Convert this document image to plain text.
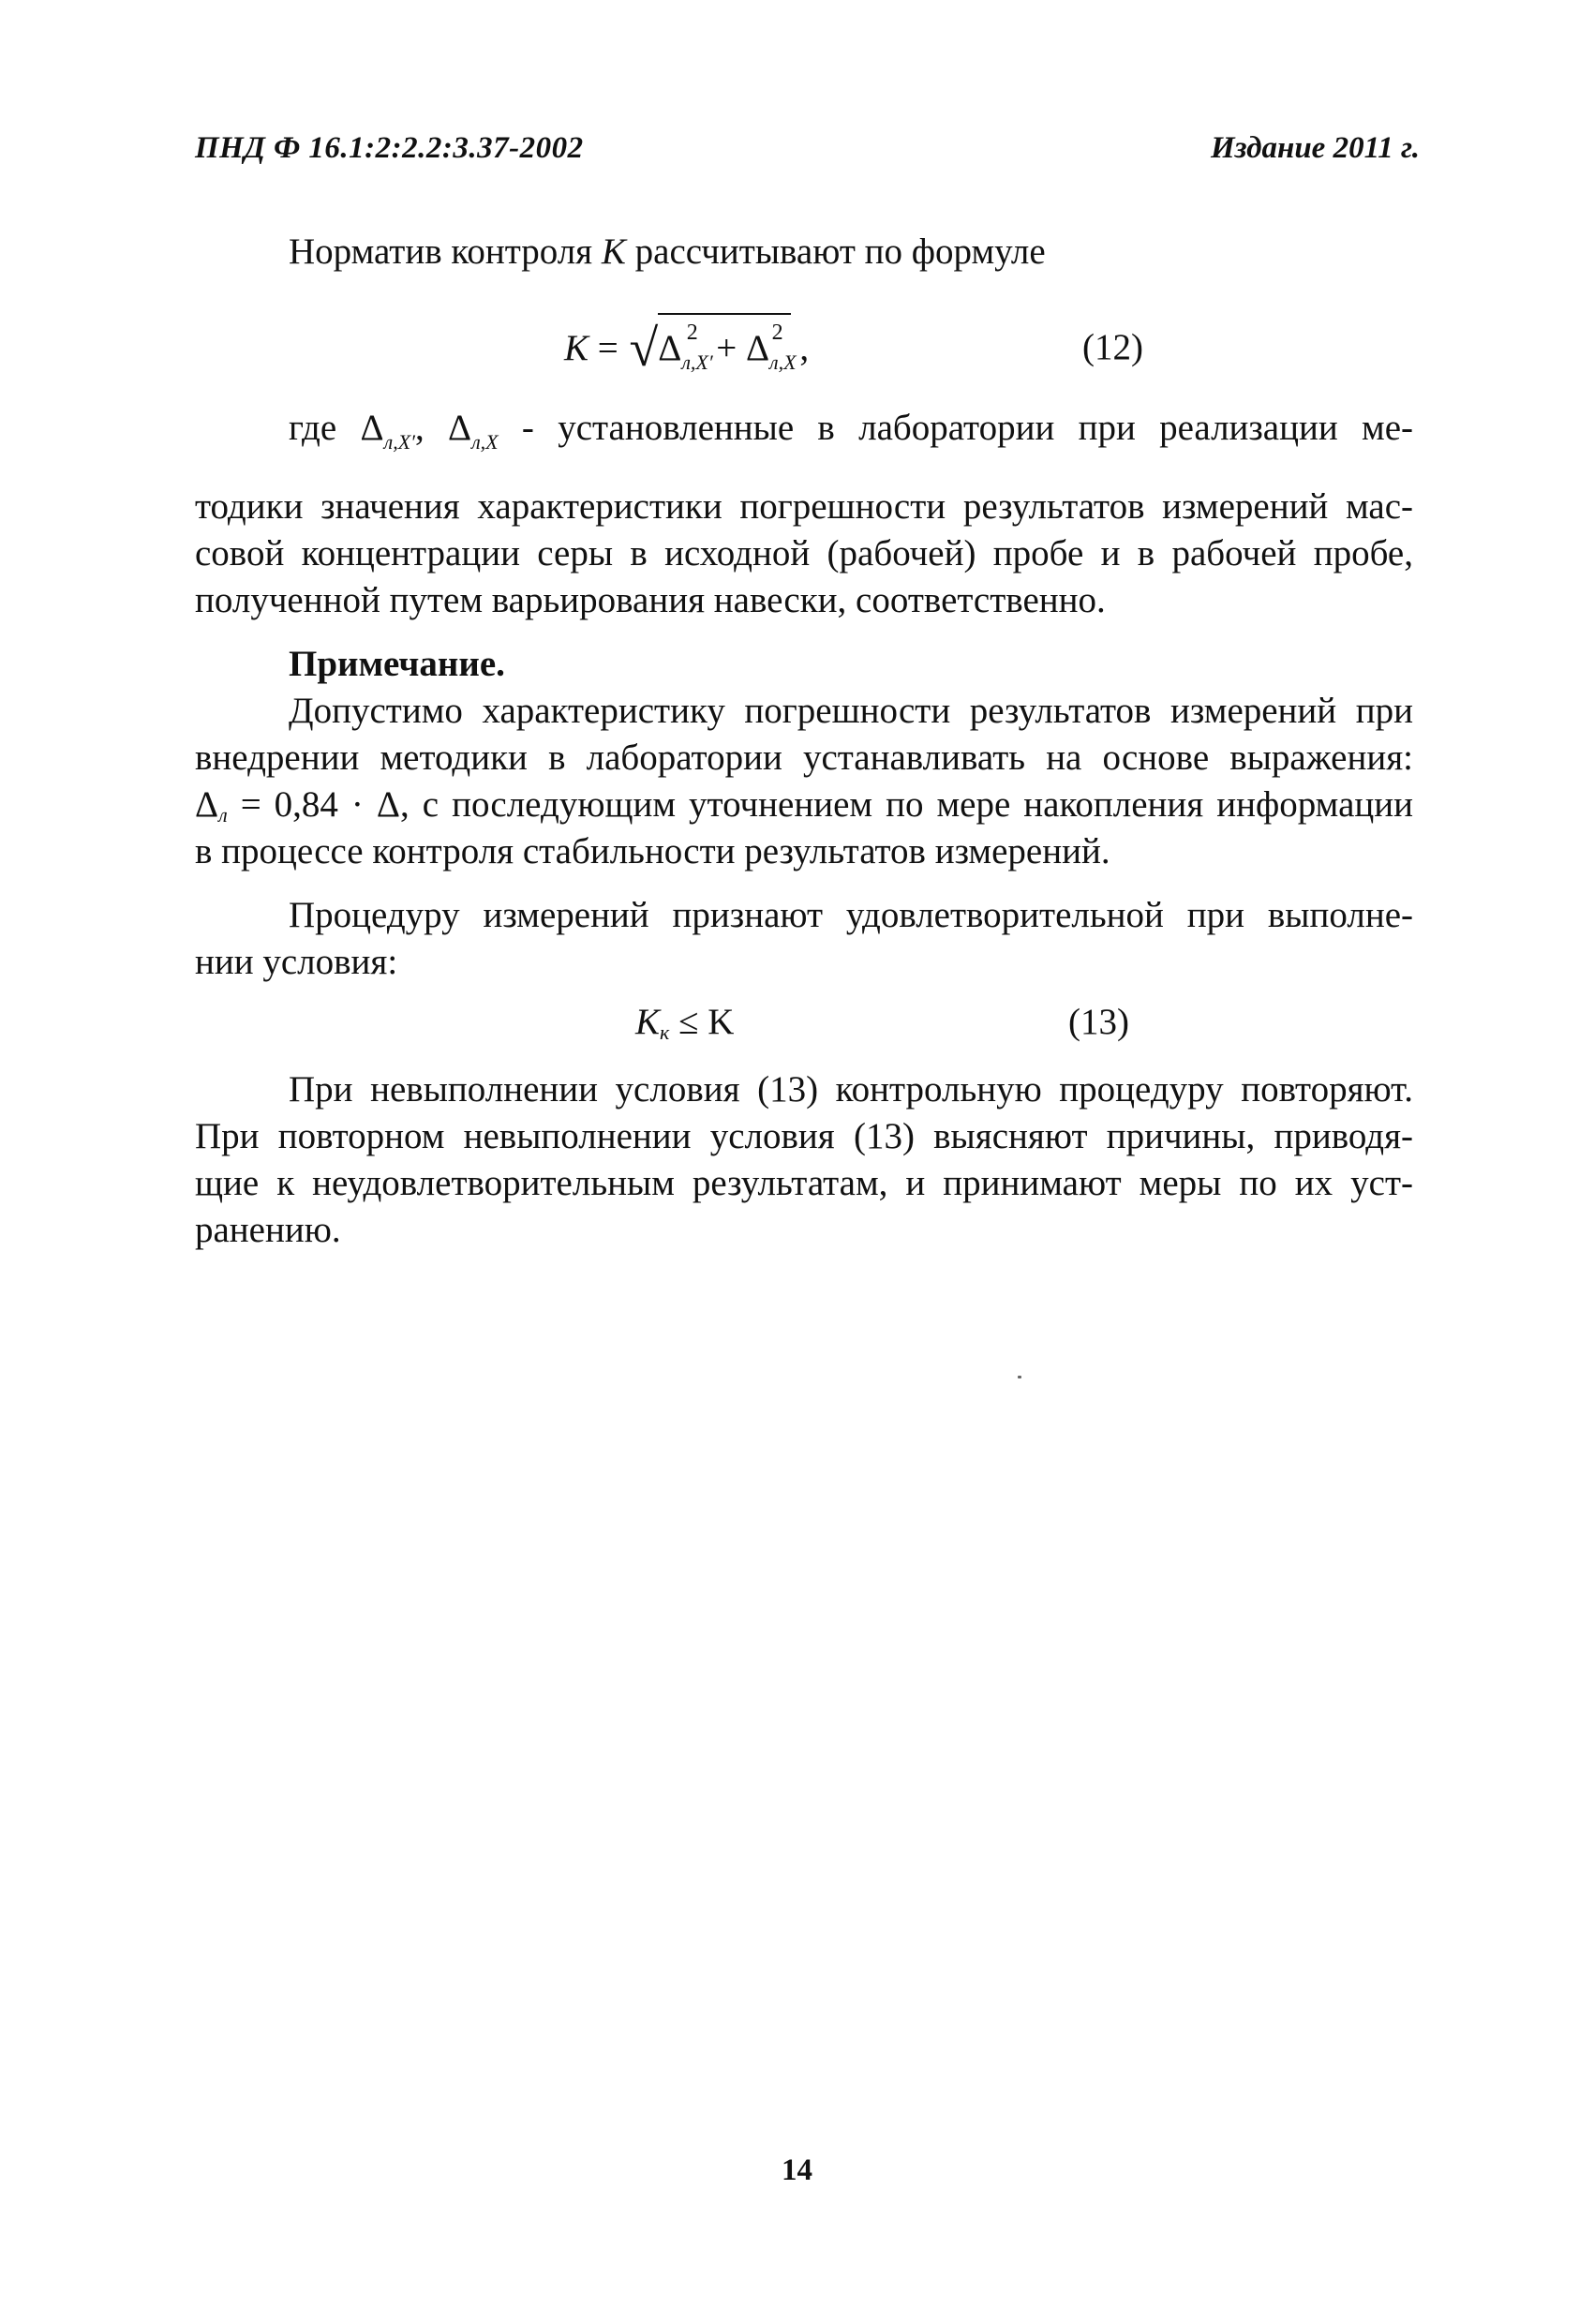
ПНД Ф 16.1:2:2.2:3.37-2002	Издание 2011 г.
Норматив контроля K рассчитывают по формуле
$K = √\Delta_{л,X'}^2 + \Delta_{л,X}^2$ ,	(12)
где $\Delta_{л,X'}$, $\Delta_{л,X}$ - установленные в лаборатории при реализации ме-
тодики значения характеристики погрешности результатов измерений мас-
совой концентрации серы в исходной (рабочей) пробе и в рабочей пробе,
полученной путем варьирования навески, соответственно.
Примечание.
Допустимо характеристику погрешности результатов измерений при
внедрении методики в лаборатории устанавливать на основе выражения:
$\Delta_л = 0,84 \cdot \Delta$, с последующим уточнением по мере накопления информации
в процессе контроля стабильности результатов измерений.
Процедуру измерений признают удовлетворительной при выполне-
нии условия:
$K_к \le K$	(13)
При невыполнении условия (13) контрольную процедуру повторяют.
При повторном невыполнении условия (13) выясняют причины, приводя-
щие к неудовлетворительным результатам, и принимают меры по их уст-
ранению.
14
